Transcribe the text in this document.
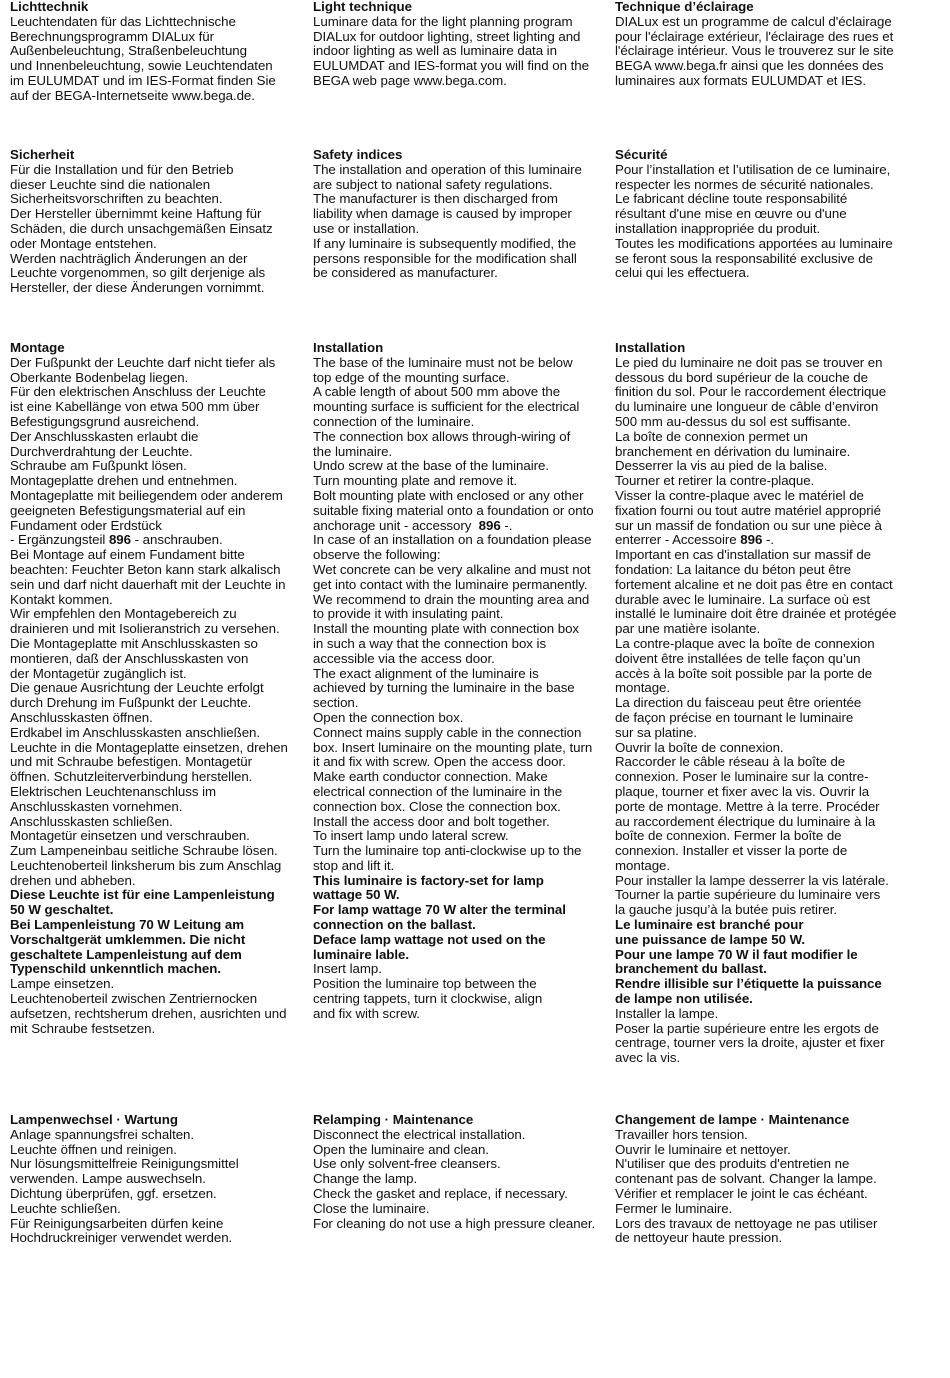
Lichttechnik
Leuchtendaten für das Lichttechnische
Berechnungsprogramm DIALux für
Außenbeleuchtung, Straßenbeleuchtung
und Innenbeleuchtung, sowie Leuchtendaten
im EULUMDAT und im IES-Format finden Sie
auf der BEGA-Internetseite www.bega.de.
Light technique
Luminare data for the light planning program
DIALux for outdoor lighting, street lighting and
indoor lighting as well as luminaire data in
EULUMDAT and IES-format you will find on the
BEGA web page www.bega.com.
Technique d’éclairage
DIALux est un programme de calcul d'éclairage
pour l'éclairage extérieur, l'éclairage des rues et
l'éclairage intérieur. Vous le trouverez sur le site
BEGA www.bega.fr ainsi que les données des
luminaires aux formats EULUMDAT et IES.
Sicherheit
Für die Installation und für den Betrieb
dieser Leuchte sind die nationalen
Sicherheitsvorschriften zu beachten.
Der Hersteller übernimmt keine Haftung für
Schäden, die durch unsachgemäßen Einsatz
oder Montage entstehen.
Werden nachträglich Änderungen an der
Leuchte vorgenommen, so gilt derjenige als
Hersteller, der diese Änderungen vornimmt.
Safety indices
The installation and operation of this luminaire
are subject to national safety regulations.
The manufacturer is then discharged from
liability when damage is caused by improper
use or installation.
If any luminaire is subsequently modified, the
persons responsible for the modification shall
be considered as manufacturer.
Sécurité
Pour l’installation et l’utilisation de ce luminaire,
respecter les normes de sécurité nationales.
Le fabricant décline toute responsabilité
résultant d'une mise en œuvre ou d'une
installation inappropriée du produit.
Toutes les modifications apportées au luminaire
se feront sous la responsabilité exclusive de
celui qui les effectuera.
Montage
Der Fußpunkt der Leuchte darf nicht tiefer als
Oberkante Bodenbelag liegen.
Für den elektrischen Anschluss der Leuchte
ist eine Kabellänge von etwa 500 mm über
Befestigungsgrund ausreichend.
Der Anschlusskasten erlaubt die
Durchverdrahtung der Leuchte.
Schraube am Fußpunkt lösen.
Montageplatte drehen und entnehmen.
Montageplatte mit beiliegendem oder anderem
geeigneten Befestigungsmaterial auf ein
Fundament oder Erdstück
- Ergänzungsteil 896 - anschrauben.
Bei Montage auf einem Fundament bitte
beachten: Feuchter Beton kann stark alkalisch
sein und darf nicht dauerhaft mit der Leuchte in
Kontakt kommen.
Wir empfehlen den Montagebereich zu
drainieren und mit Isolieranstrich zu versehen.
Die Montageplatte mit Anschlusskasten so
montieren, daß der Anschlusskasten von
der Montagetür zugänglich ist.
Die genaue Ausrichtung der Leuchte erfolgt
durch Drehung im Fußpunkt der Leuchte.
Anschlusskasten öffnen.
Erdkabel im Anschlusskasten anschließen.
Leuchte in die Montageplatte einsetzen, drehen
und mit Schraube befestigen. Montagetür
öffnen. Schutzleiterverbindung herstellen.
Elektrischen Leuchtenanschluss im
Anschlusskasten vornehmen.
Anschlusskasten schließen.
Montagetür einsetzen und verschrauben.
Zum Lampeneinbau seitliche Schraube lösen.
Leuchtenoberteil linksherum bis zum Anschlag
drehen und abheben.
Diese Leuchte ist für eine Lampenleistung
50 W geschaltet.
Bei Lampenleistung 70 W Leitung am
Vorschaltgerät umklemmen. Die nicht
geschaltete Lampenleistung auf dem
Typenschild unkenntlich machen.
Lampe einsetzen.
Leuchtenoberteil zwischen Zentriernocken
aufsetzen, rechtsherum drehen, ausrichten und
mit Schraube festsetzen.
Installation
The base of the luminaire must not be below
top edge of the mounting surface.
A cable length of about 500 mm above the
mounting surface is sufficient for the electrical
connection of the luminaire.
The connection box allows through-wiring of
the luminaire.
Undo screw at the base of the luminaire.
Turn mounting plate and remove it.
Bolt mounting plate with enclosed or any other
suitable fixing material onto a foundation or onto
anchorage unit - accessory  896 -.
In case of an installation on a foundation please
observe the following:
Wet concrete can be very alkaline and must not
get into contact with the luminaire permanently.
We recommend to drain the mounting area and
to provide it with insulating paint.
Install the mounting plate with connection box
in such a way that the connection box is
accessible via the access door.
The exact alignment of the luminaire is
achieved by turning the luminaire in the base
section.
Open the connection box.
Connect mains supply cable in the connection
box. Insert luminaire on the mounting plate, turn
it and fix with screw. Open the access door.
Make earth conductor connection. Make
electrical connection of the luminaire in the
connection box. Close the connection box.
Install the access door and bolt together.
To insert lamp undo lateral screw.
Turn the luminaire top anti-clockwise up to the
stop and lift it.
This luminaire is factory-set for lamp
wattage 50 W.
For lamp wattage 70 W alter the terminal
connection on the ballast.
Deface lamp wattage not used on the
luminaire lable.
Insert lamp.
Position the luminaire top between the
centring tappets, turn it clockwise, align
and fix with screw.
Installation
Le pied du luminaire ne doit pas se trouver en
dessous du bord supérieur de la couche de
finition du sol. Pour le raccordement électrique
du luminaire une longueur de câble d’environ
500 mm au-dessus du sol est suffisante.
La boîte de connexion permet un
branchement en dérivation du luminaire.
Desserrer la vis au pied de la balise.
Tourner et retirer la contre-plaque.
Visser la contre-plaque avec le matériel de
fixation fourni ou tout autre matériel approprié
sur un massif de fondation ou sur une pièce à
enterrer - Accessoire 896 -.
Important en cas d'installation sur massif de
fondation: La laitance du béton peut être
fortement alcaline et ne doit pas être en contact
durable avec le luminaire. La surface où est
installé le luminaire doit être drainée et protégée
par une matière isolante.
La contre-plaque avec la boîte de connexion
doivent être installées de telle façon qu’un
accès à la boîte soit possible par la porte de
montage.
La direction du faisceau peut être orientée
de façon précise en tournant le luminaire
sur sa platine.
Ouvrir la boîte de connexion.
Raccorder le câble réseau à la boîte de
connexion. Poser le luminaire sur la contre-
plaque, tourner et fixer avec la vis. Ouvrir la
porte de montage. Mettre à la terre. Procéder
au raccordement électrique du luminaire à la
boîte de connexion. Fermer la boîte de
connexion. Installer et visser la porte de
montage.
Pour installer la lampe desserrer la vis latérale.
Tourner la partie supérieure du luminaire vers
la gauche jusqu’à la butée puis retirer.
Le luminaire est branché pour
une puissance de lampe 50 W.
Pour une lampe 70 W il faut modifier le
branchement du ballast.
Rendre illisible sur l’étiquette la puissance
de lampe non utilisée.
Installer la lampe.
Poser la partie supérieure entre les ergots de
centrage, tourner vers la droite, ajuster et fixer
avec la vis.
Lampenwechsel · Wartung
Anlage spannungsfrei schalten.
Leuchte öffnen und reinigen.
Nur lösungsmittelfreie Reinigungsmittel
verwenden. Lampe auswechseln.
Dichtung überprüfen, ggf. ersetzen.
Leuchte schließen.
Für Reinigungsarbeiten dürfen keine
Hochdruckreiniger verwendet werden.
Relamping · Maintenance
Disconnect the electrical installation.
Open the luminaire and clean.
Use only solvent-free cleansers.
Change the lamp.
Check the gasket and replace, if necessary.
Close the luminaire.
For cleaning do not use a high pressure cleaner.
Changement de lampe · Maintenance
Travailler hors tension.
Ouvrir le luminaire et nettoyer.
N'utiliser que des produits d'entretien ne
contenant pas de solvant. Changer la lampe.
Vérifier et remplacer le joint le cas échéant.
Fermer le luminaire.
Lors des travaux de nettoyage ne pas utiliser
de nettoyeur haute pression.
